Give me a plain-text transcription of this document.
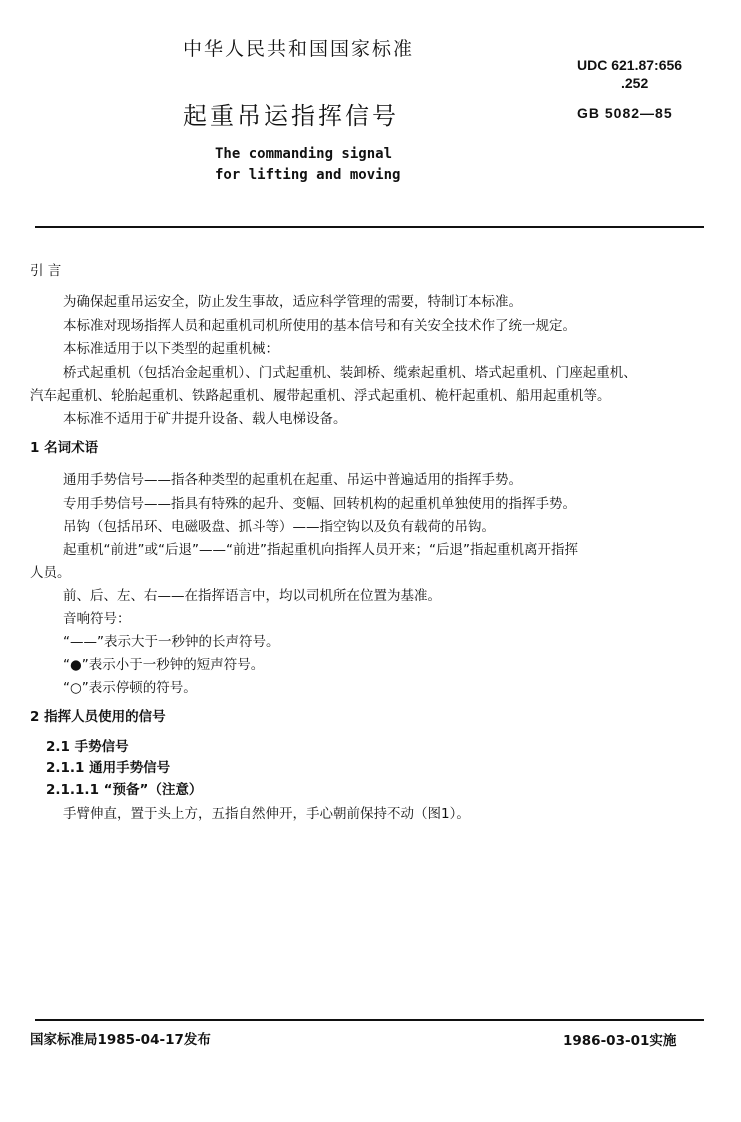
中华人民共和国国家标准
UDC 621.87:656
.252
起重吊运指挥信号	GB 5082—85
The commanding signal
for lifting and moving
引 言
为确保起重吊运安全，防止发生事故，适应科学管理的需要，特制订本标准。
本标准对现场指挥人员和起重机司机所使用的基本信号和有关安全技术作了统一规定。
本标准适用于以下类型的起重机械：
桥式起重机（包括冶金起重机）、门式起重机、装卸桥、缆索起重机、塔式起重机、门座起重机、
汽车起重机、轮胎起重机、铁路起重机、履带起重机、浮式起重机、桅杆起重机、船用起重机等。
本标准不适用于矿井提升设备、载人电梯设备。
1 名词术语
通用手势信号——指各种类型的起重机在起重、吊运中普遍适用的指挥手势。
专用手势信号——指具有特殊的起升、变幅、回转机构的起重机单独使用的指挥手势。
吊钩（包括吊环、电磁吸盘、抓斗等）——指空钩以及负有载荷的吊钩。
起重机“前进”或“后退”——“前进”指起重机向指挥人员开来；“后退”指起重机离开指挥
人员。
前、后、左、右——在指挥语言中，均以司机所在位置为基准。
音响符号：
“——”表示大于一秒钟的长声符号。
“●”表示小于一秒钟的短声符号。
“○”表示停顿的符号。
2 指挥人员使用的信号
2.1 手势信号
2.1.1 通用手势信号
2.1.1.1 “预备”（注意）
手臂伸直，置于头上方，五指自然伸开，手心朝前保持不动（图1）。
国家标准局1985-04-17发布	1986-03-01实施
